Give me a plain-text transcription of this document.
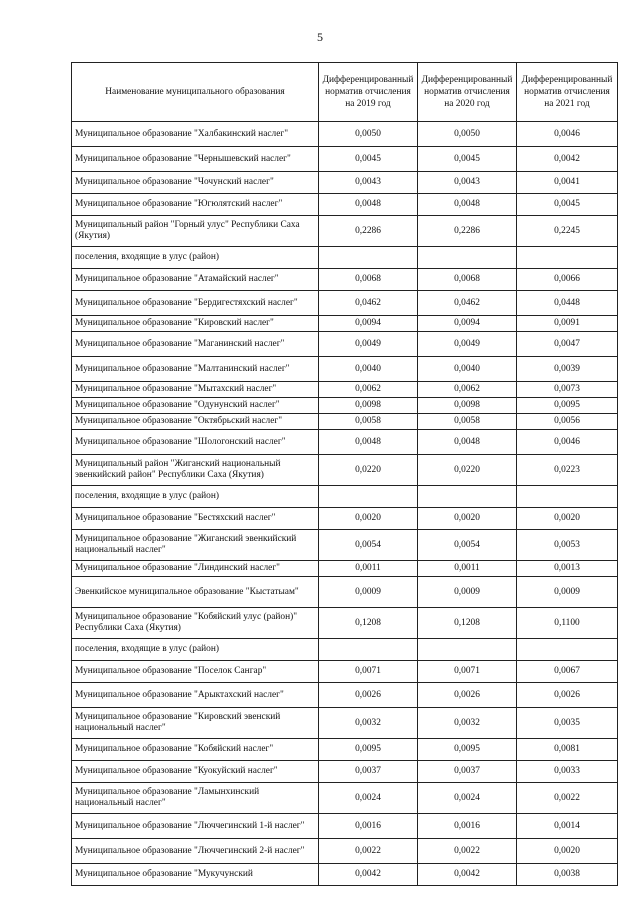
5
Наименование муниципального образования	Дифференцированный норматив отчисления на 2019 год	Дифференцированный норматив отчисления на 2020 год	Дифференцированный норматив отчисления на 2021 год
Муниципальное образование "Халбакинский наслег"	0,0050	0,0050	0,0046
Муниципальное образование "Чернышевский наслег"	0,0045	0,0045	0,0042
Муниципальное образование "Чочунский наслег"	0,0043	0,0043	0,0041
Муниципальное образование "Югюлятский наслег"	0,0048	0,0048	0,0045
Муниципальный район "Горный улус" Республики Саха (Якутия)	0,2286	0,2286	0,2245
поселения, входящие в улус (район)			
Муниципальное образование "Атамайский наслег"	0,0068	0,0068	0,0066
Муниципальное образование "Бердигестяхский наслег"	0,0462	0,0462	0,0448
Муниципальное образование "Кировский наслег"	0,0094	0,0094	0,0091
Муниципальное образование "Маганинский наслег"	0,0049	0,0049	0,0047
Муниципальное образование "Малтанинский наслег"	0,0040	0,0040	0,0039
Муниципальное образование "Мытахский наслег"	0,0062	0,0062	0,0073
Муниципальное образование "Одунунский наслег"	0,0098	0,0098	0,0095
Муниципальное образование "Октябрьский наслег"	0,0058	0,0058	0,0056
Муниципальное образование "Шологонский наслег"	0,0048	0,0048	0,0046
Муниципальный район "Жиганский национальный эвенкийский район" Республики Саха (Якутия)	0,0220	0,0220	0,0223
поселения, входящие в улус (район)			
Муниципальное образование "Бестяхский наслег"	0,0020	0,0020	0,0020
Муниципальное образование "Жиганский эвенкийский национальный наслег"	0,0054	0,0054	0,0053
Муниципальное образование "Линдинский наслег"	0,0011	0,0011	0,0013
Эвенкийское муниципальное образование "Кыстатыам"	0,0009	0,0009	0,0009
Муниципальное образование "Кобяйский улус (район)" Республики Саха (Якутия)	0,1208	0,1208	0,1100
поселения, входящие в улус (район)			
Муниципальное образование "Поселок Сангар"	0,0071	0,0071	0,0067
Муниципальное образование "Арыктахский наслег"	0,0026	0,0026	0,0026
Муниципальное образование "Кировский эвенский национальный наслег"	0,0032	0,0032	0,0035
Муниципальное образование "Кобяйский наслег"	0,0095	0,0095	0,0081
Муниципальное образование "Куокуйский наслег"	0,0037	0,0037	0,0033
Муниципальное образование "Ламынхинский национальный наслег"	0,0024	0,0024	0,0022
Муниципальное образование "Люччегинский 1-й наслег"	0,0016	0,0016	0,0014
Муниципальное образование "Люччегинский 2-й наслег"	0,0022	0,0022	0,0020
Муниципальное образование "Мукучунский	0,0042	0,0042	0,0038
